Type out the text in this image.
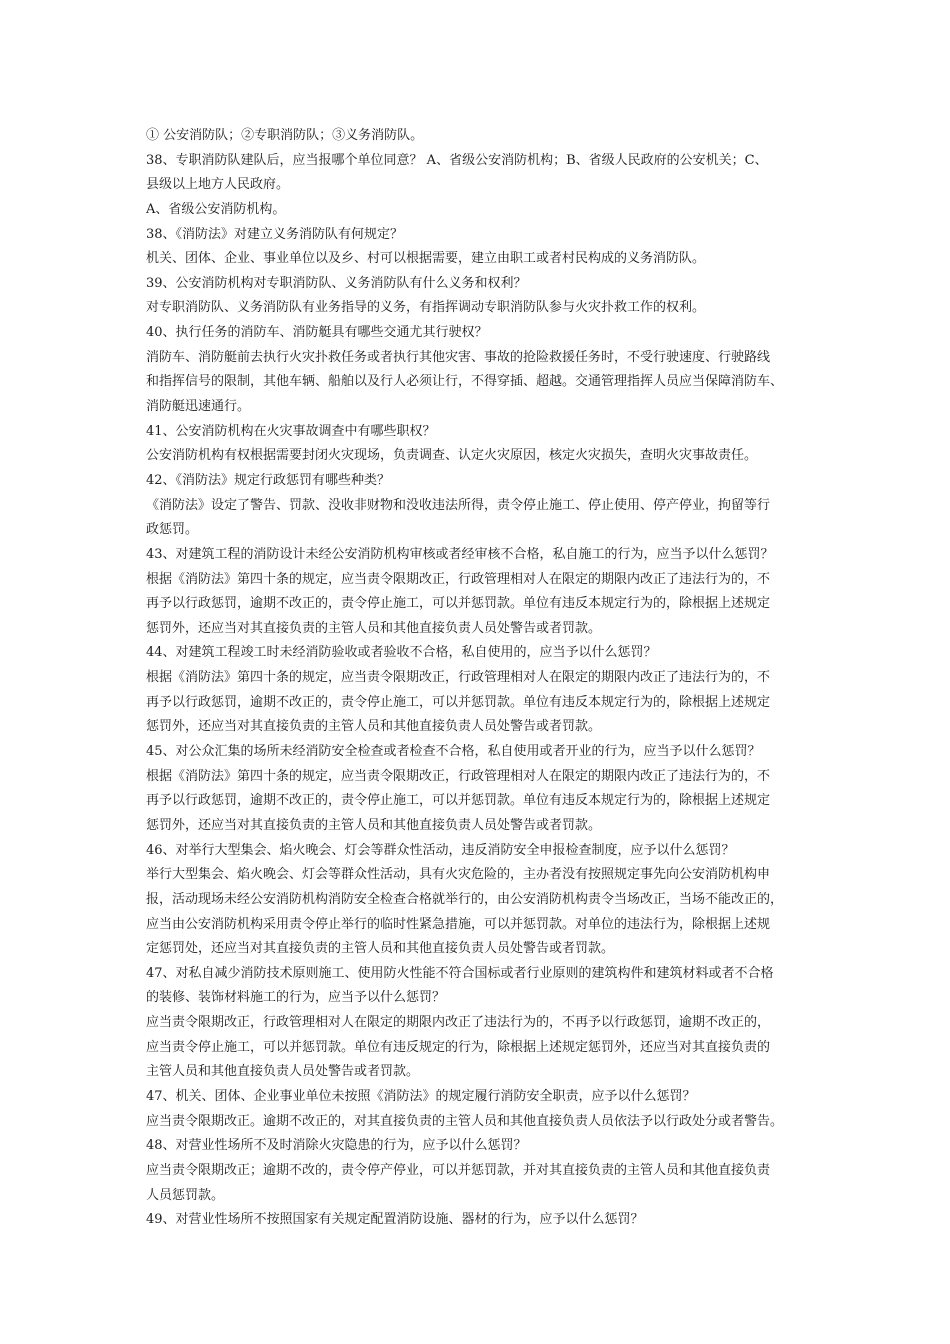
① 公安消防队；②专职消防队；③义务消防队。
38、专职消防队建队后，应当报哪个单位同意？ A、省级公安消防机构；B、省级人民政府的公安机关；C、
县级以上地方人民政府。
A、省级公安消防机构。
38、《消防法》对建立义务消防队有何规定？
机关、团体、企业、事业单位以及乡、村可以根据需要，建立由职工或者村民构成的义务消防队。
39、公安消防机构对专职消防队、义务消防队有什么义务和权利？
对专职消防队、义务消防队有业务指导的义务，有指挥调动专职消防队参与火灾扑救工作的权利。
40、执行任务的消防车、消防艇具有哪些交通尤其行驶权？
消防车、消防艇前去执行火灾扑救任务或者执行其他灾害、事故的抢险救援任务时，不受行驶速度、行驶路线
和指挥信号的限制，其他车辆、船舶以及行人必须让行，不得穿插、超越。交通管理指挥人员应当保障消防车、
消防艇迅速通行。
41、公安消防机构在火灾事故调查中有哪些职权？
公安消防机构有权根据需要封闭火灾现场，负责调查、认定火灾原因，核定火灾损失，查明火灾事故责任。
42、《消防法》规定行政惩罚有哪些种类？
《消防法》设定了警告、罚款、没收非财物和没收违法所得，责令停止施工、停止使用、停产停业，拘留等行
政惩罚。
43、对建筑工程的消防设计未经公安消防机构审核或者经审核不合格，私自施工的行为，应当予以什么惩罚？
根据《消防法》第四十条的规定，应当责令限期改正，行政管理相对人在限定的期限内改正了违法行为的，不
再予以行政惩罚，逾期不改正的，责令停止施工，可以并惩罚款。单位有违反本规定行为的，除根据上述规定
惩罚外，还应当对其直接负责的主管人员和其他直接负责人员处警告或者罚款。
44、对建筑工程竣工时未经消防验收或者验收不合格，私自使用的，应当予以什么惩罚？
根据《消防法》第四十条的规定，应当责令限期改正，行政管理相对人在限定的期限内改正了违法行为的，不
再予以行政惩罚，逾期不改正的，责令停止施工，可以并惩罚款。单位有违反本规定行为的，除根据上述规定
惩罚外，还应当对其直接负责的主管人员和其他直接负责人员处警告或者罚款。
45、对公众汇集的场所未经消防安全检查或者检查不合格，私自使用或者开业的行为，应当予以什么惩罚？
根据《消防法》第四十条的规定，应当责令限期改正，行政管理相对人在限定的期限内改正了违法行为的，不
再予以行政惩罚，逾期不改正的，责令停止施工，可以并惩罚款。单位有违反本规定行为的，除根据上述规定
惩罚外，还应当对其直接负责的主管人员和其他直接负责人员处警告或者罚款。
46、对举行大型集会、焰火晚会、灯会等群众性活动，违反消防安全申报检查制度，应予以什么惩罚？
举行大型集会、焰火晚会、灯会等群众性活动，具有火灾危险的，主办者没有按照规定事先向公安消防机构申
报，活动现场未经公安消防机构消防安全检查合格就举行的，由公安消防机构责令当场改正，当场不能改正的，
应当由公安消防机构采用责令停止举行的临时性紧急措施，可以并惩罚款。对单位的违法行为，除根据上述规
定惩罚处，还应当对其直接负责的主管人员和其他直接负责人员处警告或者罚款。
47、对私自减少消防技术原则施工、使用防火性能不符合国标或者行业原则的建筑构件和建筑材料或者不合格
的装修、装饰材料施工的行为，应当予以什么惩罚？
应当责令限期改正，行政管理相对人在限定的期限内改正了违法行为的，不再予以行政惩罚，逾期不改正的，
应当责令停止施工，可以并惩罚款。单位有违反规定的行为，除根据上述规定惩罚外，还应当对其直接负责的
主管人员和其他直接负责人员处警告或者罚款。
47、机关、团体、企业事业单位未按照《消防法》的规定履行消防安全职责，应予以什么惩罚？
应当责令限期改正。逾期不改正的，对其直接负责的主管人员和其他直接负责人员依法予以行政处分或者警告。
48、对营业性场所不及时消除火灾隐患的行为，应予以什么惩罚？
应当责令限期改正；逾期不改的，责令停产停业，可以并惩罚款，并对其直接负责的主管人员和其他直接负责
人员惩罚款。
49、对营业性场所不按照国家有关规定配置消防设施、器材的行为，应予以什么惩罚？
